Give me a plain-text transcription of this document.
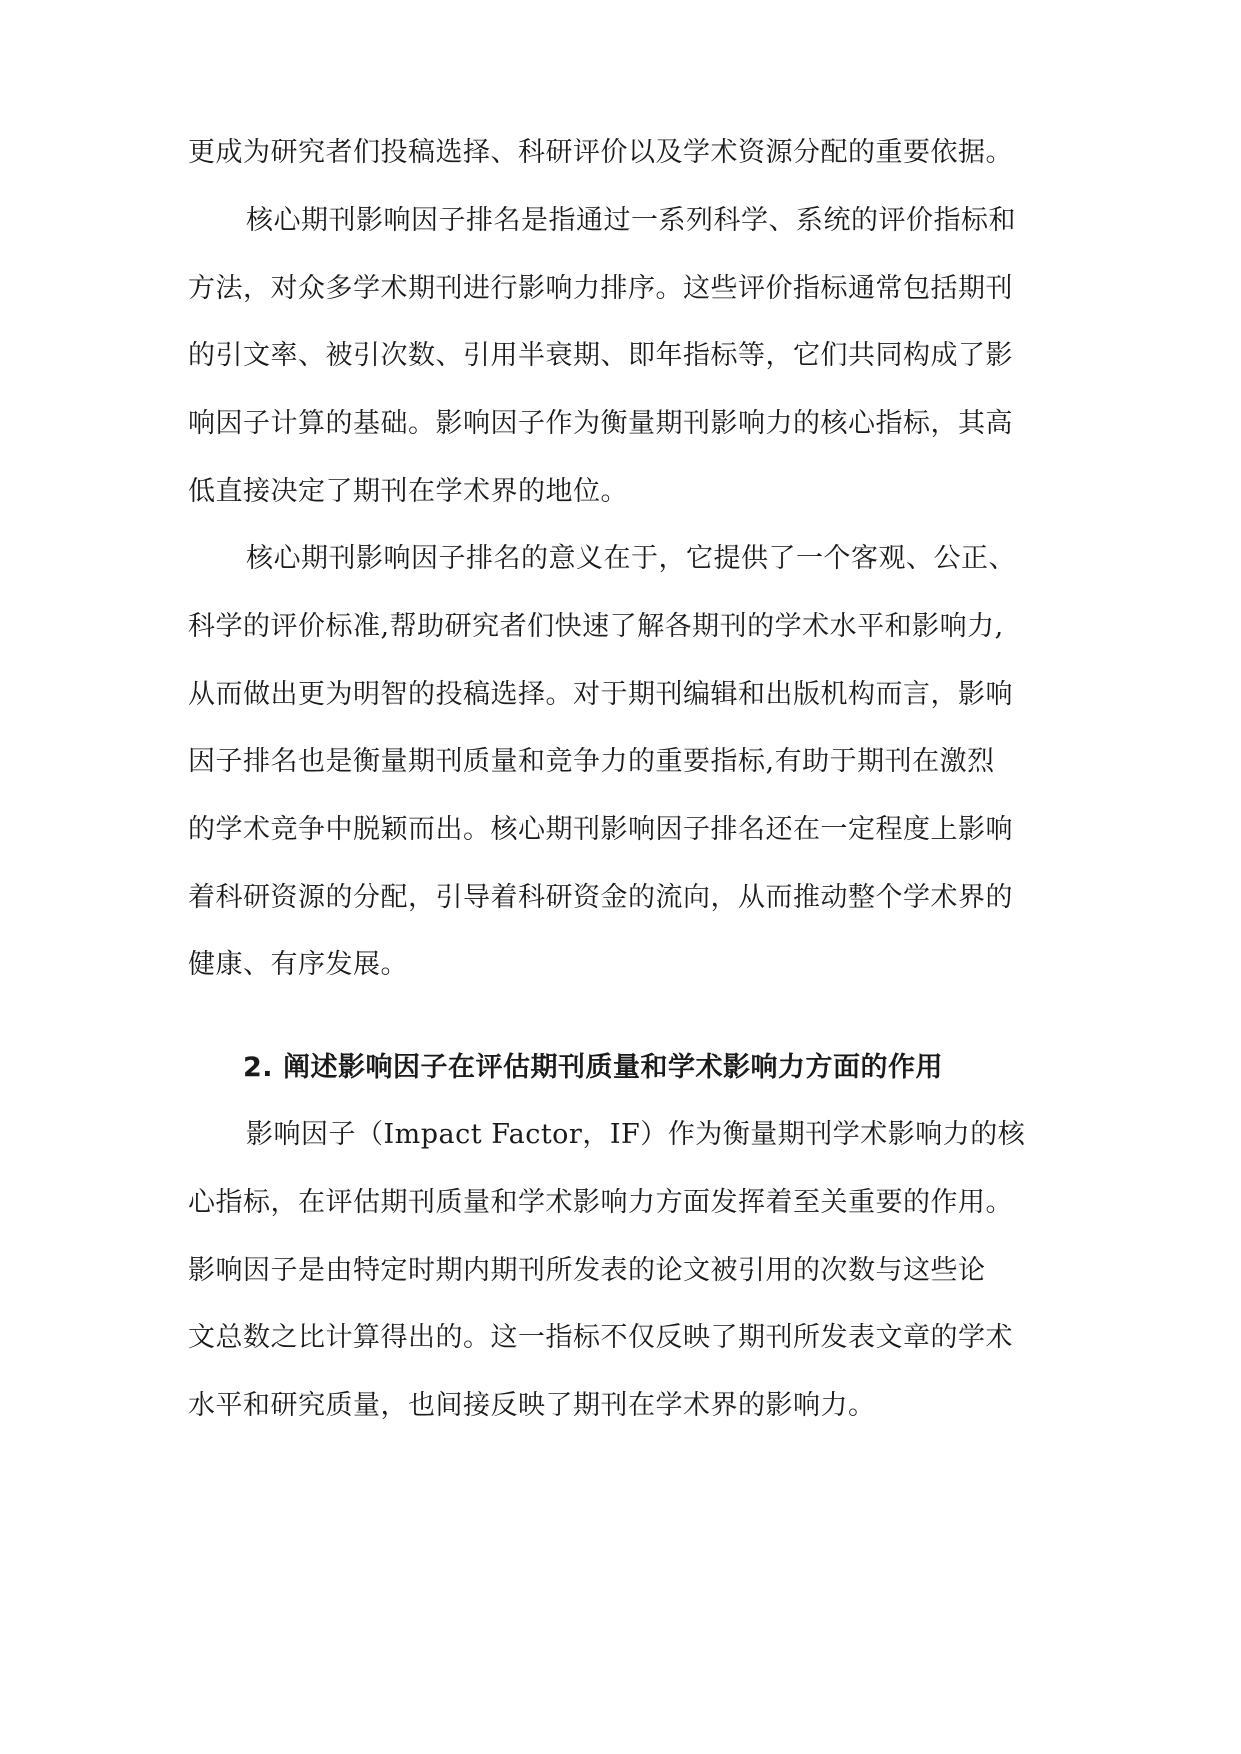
更成为研究者们投稿选择、科研评价以及学术资源分配的重要依据。
核心期刊影响因子排名是指通过一系列科学、系统的评价指标和
方法，对众多学术期刊进行影响力排序。这些评价指标通常包括期刊
的引文率、被引次数、引用半衰期、即年指标等，它们共同构成了影
响因子计算的基础。影响因子作为衡量期刊影响力的核心指标，其高
低直接决定了期刊在学术界的地位。
核心期刊影响因子排名的意义在于，它提供了一个客观、公正、
科学的评价标准,帮助研究者们快速了解各期刊的学术水平和影响力,
从而做出更为明智的投稿选择。对于期刊编辑和出版机构而言，影响
因子排名也是衡量期刊质量和竞争力的重要指标,有助于期刊在激烈
的学术竞争中脱颖而出。核心期刊影响因子排名还在一定程度上影响
着科研资源的分配，引导着科研资金的流向，从而推动整个学术界的
健康、有序发展。
2. 阐述影响因子在评估期刊质量和学术影响力方面的作用
影响因子（Impact Factor，IF）作为衡量期刊学术影响力的核
心指标，在评估期刊质量和学术影响力方面发挥着至关重要的作用。
影响因子是由特定时期内期刊所发表的论文被引用的次数与这些论
文总数之比计算得出的。这一指标不仅反映了期刊所发表文章的学术
水平和研究质量，也间接反映了期刊在学术界的影响力。
